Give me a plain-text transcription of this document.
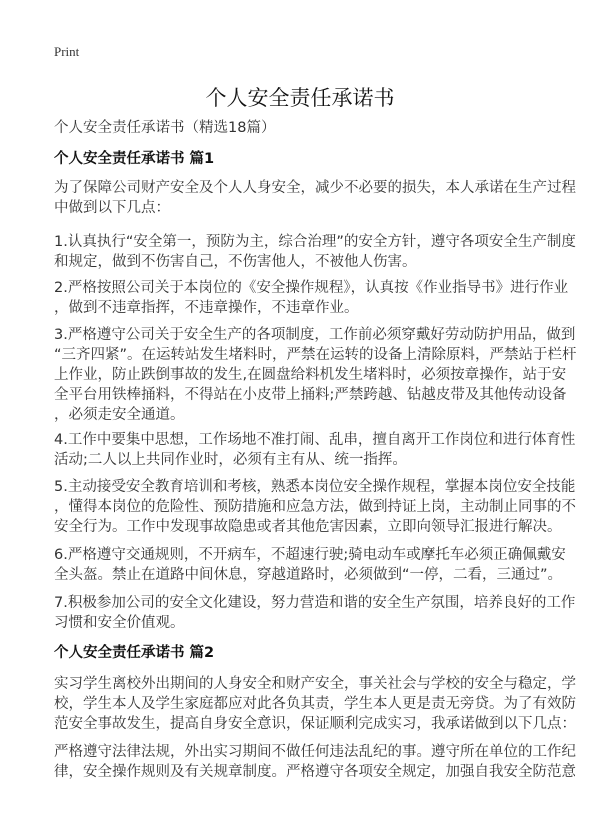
Print
个人安全责任承诺书
个人安全责任承诺书（精选18篇）
个人安全责任承诺书 篇1
为了保障公司财产安全及个人人身安全，减少不必要的损失，本人承诺在生产过程
中做到以下几点：
1.认真执行“安全第一，预防为主，综合治理”的安全方针，遵守各项安全生产制度
和规定，做到不伤害自己，不伤害他人，不被他人伤害。
2.严格按照公司关于本岗位的《安全操作规程》，认真按《作业指导书》进行作业
，做到不违章指挥，不违章操作，不违章作业。
3.严格遵守公司关于安全生产的各项制度，工作前必须穿戴好劳动防护用品，做到
“三齐四紧”。在运转站发生堵料时，严禁在运转的设备上清除原料，严禁站于栏杆
上作业，防止跌倒事故的发生,在圆盘给料机发生堵料时，必须按章操作，站于安
全平台用铁棒捅料，不得站在小皮带上捅料;严禁跨越、钻越皮带及其他传动设备
，必须走安全通道。
4.工作中要集中思想，工作场地不准打闹、乱串，擅自离开工作岗位和进行体育性
活动;二人以上共同作业时，必须有主有从、统一指挥。
5.主动接受安全教育培训和考核，熟悉本岗位安全操作规程，掌握本岗位安全技能
，懂得本岗位的危险性、预防措施和应急方法，做到持证上岗，主动制止同事的不
安全行为。工作中发现事故隐患或者其他危害因素，立即向领导汇报进行解决。
6.严格遵守交通规则，不开病车，不超速行驶;骑电动车或摩托车必须正确佩戴安
全头盔。禁止在道路中间休息，穿越道路时，必须做到“一停，二看，三通过”。
7.积极参加公司的安全文化建设，努力营造和谐的安全生产氛围，培养良好的工作
习惯和安全价值观。
个人安全责任承诺书 篇2
实习学生离校外出期间的人身安全和财产安全，事关社会与学校的安全与稳定，学
校，学生本人及学生家庭都应对此各负其责，学生本人更是责无旁贷。为了有效防
范安全事故发生，提高自身安全意识，保证顺利完成实习，我承诺做到以下几点：
严格遵守法律法规，外出实习期间不做任何违法乱纪的事。遵守所在单位的工作纪
律，安全操作规则及有关规章制度。严格遵守各项安全规定，加强自我安全防范意
